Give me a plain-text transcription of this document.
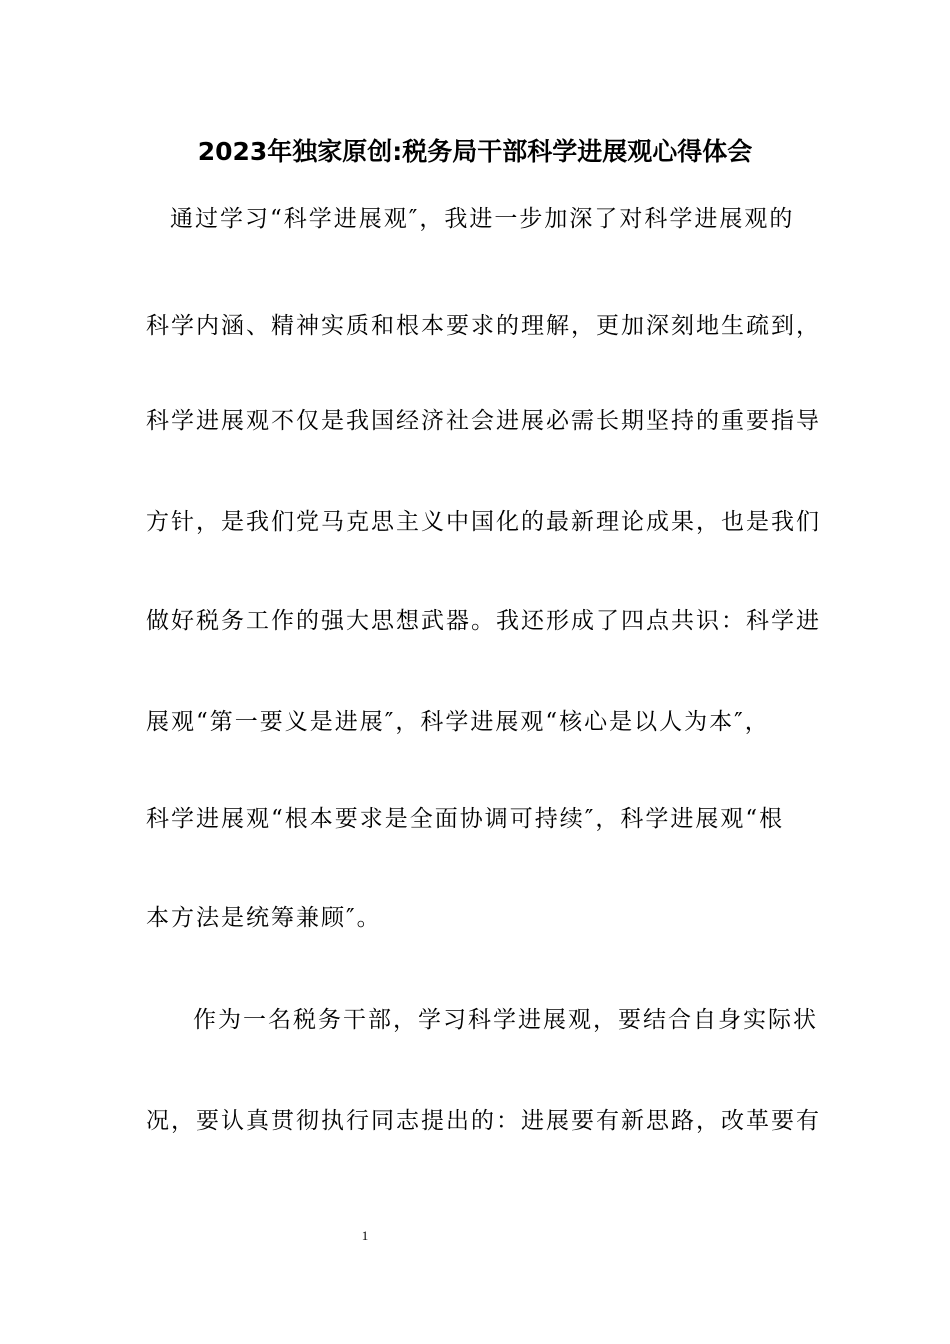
2023年独家原创:税务局干部科学进展观心得体会
通过学习“科学进展观″，我进一步加深了对科学进展观的
科学内涵、精神实质和根本要求的理解，更加深刻地生疏到，
科学进展观不仅是我国经济社会进展必需长期坚持的重要指导
方针，是我们党马克思主义中国化的最新理论成果，也是我们
做好税务工作的强大思想武器。我还形成了四点共识：科学进
展观“第一要义是进展″，科学进展观“核心是以人为本″，
科学进展观“根本要求是全面协调可持续″，科学进展观“根
本方法是统筹兼顾″。
作为一名税务干部，学习科学进展观，要结合自身实际状
况，要认真贯彻执行同志提出的：进展要有新思路，改革要有
1
